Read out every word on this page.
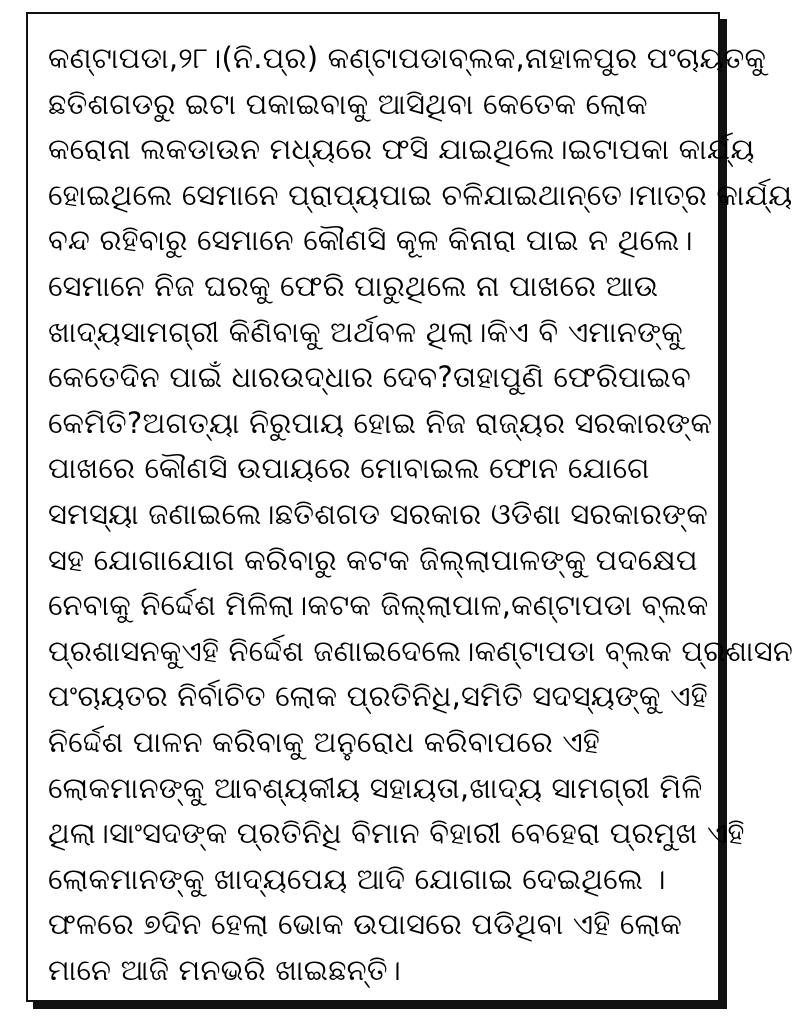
କଣ୍ଟାପଡା,୨୮।(ନି.ପ୍ର) କଣ୍ଟାପଡାବ୍ଲକ,ନାହାଳପୁର ପଂଚାୟତକୁ
ଛତିଶଗଡରୁ ଇଟା ପକାଇବାକୁ ଆସିଥିବା କେତେକ ଲୋକ
କରୋନା ଲକଡାଉନ ମଧ୍ୟରେ ଫସି ଯାଇଥିଲେ।ଇଟାପକା କାର୍ଯ୍ୟ
ହୋଇଥିଲେ ସେମାନେ ପ୍ରାପ୍ୟପାଇ ଚଳିଯାଇଥାନ୍ତେ।ମାତ୍ର କାର୍ଯ୍ୟ
ବନ୍ଦ ରହିବାରୁ ସେମାନେ କୌଣସି କୂଳ କିନାରା ପାଇ ନ ଥିଲେ।
ସେମାନେ ନିଜ ଘରକୁ ଫେରି ପାରୁଥିଲେ ନା ପାଖରେ ଆଉ
ଖାଦ୍ୟସାମଗ୍ରୀ କିଣିବାକୁ ଅର୍ଥବଳ ଥିଲା।କିଏ ବି ଏମାନଙ୍କୁ
କେତେଦିନ ପାଇଁ ଧାରଉଦ୍ଧାର ଦେବ?ତାହାପୁଣି ଫେରିପାଇବ
କେମିତି?ଅଗତ୍ୟା ନିରୁପାୟ ହୋଇ ନିଜ ରାଜ୍ୟର ସରକାରଙ୍କ
ପାଖରେ କୌଣସି ଉପାୟରେ ମୋବାଇଲ ଫୋନ ଯୋଗେ
ସମସ୍ୟା ଜଣାଇଲେ।ଛତିଶଗଡ ସରକାର ଓଡିଶା ସରକାରଙ୍କ
ସହ ଯୋଗାଯୋଗ କରିବାରୁ କଟକ ଜିଲ୍ଲାପାଳଙ୍କୁ ପଦକ୍ଷେପ
ନେବାକୁ ନିର୍ଦ୍ଦେଶ ମିଳିଲା।କଟକ ଜିଲ୍ଲାପାଳ,କଣ୍ଟାପଡା ବ୍ଲକ
ପ୍ରଶାସନକୁଏହି ନିର୍ଦ୍ଦେଶ ଜଣାଇଦେଲେ।କଣ୍ଟାପଡା ବ୍ଲକ ପ୍ରଶାସନ
ପଂଚାୟତର ନିର୍ବାଚିତ ଲୋକ ପ୍ରତିନିଧି,ସମିତି ସଦସ୍ୟଙ୍କୁ ଏହି
ନିର୍ଦ୍ଦେଶ ପାଳନ କରିବାକୁ ଅନୁରୋଧ କରିବାପରେ ଏହି
ଲୋକମାନଙ୍କୁ ଆବଶ୍ୟକୀୟ ସହାୟତା,ଖାଦ୍ୟ ସାମଗ୍ରୀ ମିଳି
ଥିଲା।ସାଂସଦଙ୍କ ପ୍ରତିନିଧି ବିମାନ ବିହାରୀ ବେହେରା ପ୍ରମୁଖ ଏହି
ଲୋକମାନଙ୍କୁ ଖାଦ୍ୟପେୟ ଆଦି ଯୋଗାଇ ଦେଇଥିଲେ ।
ଫଳରେ ୭ଦିନ ହେଲା ଭୋକ ଉପାସରେ ପଡିଥିବା ଏହି ଲୋକ
ମାନେ ଆଜି ମନଭରି ଖାଇଛନ୍ତି।
